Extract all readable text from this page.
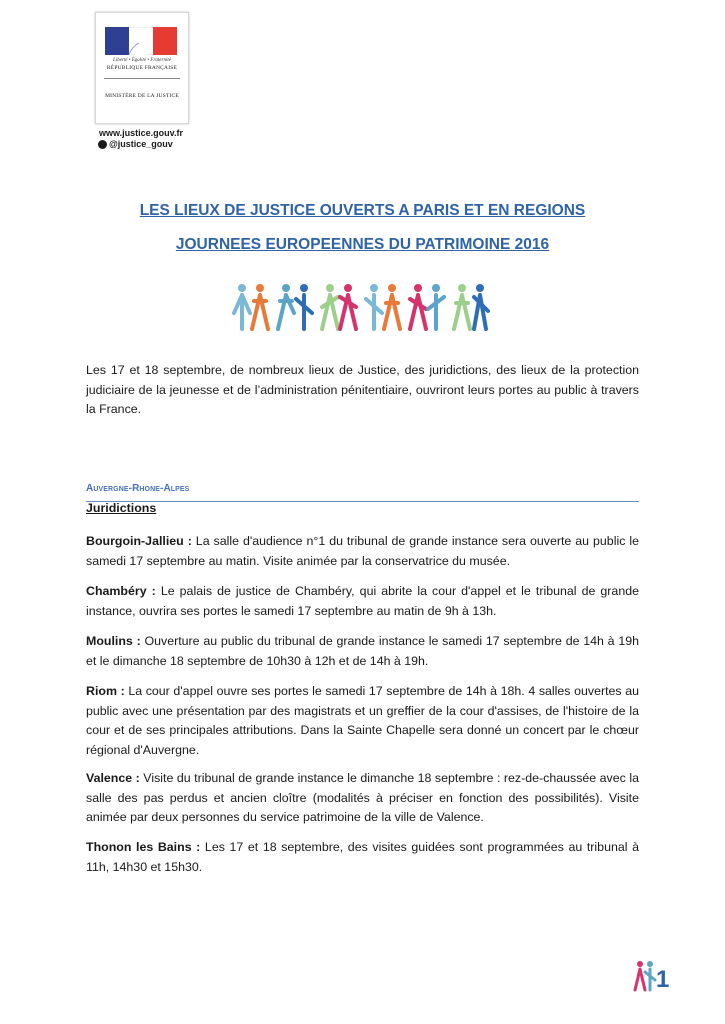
Liberté • Égalité • Fraternité
RÉPUBLIQUE FRANÇAISE
MINISTÈRE DE LA JUSTICE
www.justice.gouv.fr
@justice_gouv
LES LIEUX DE JUSTICE OUVERTS A PARIS ET EN REGIONS
JOURNEES EUROPEENNES DU PATRIMOINE 2016

Les 17 et 18 septembre, de nombreux lieux de Justice, des juridictions, des lieux de la protection judiciaire de la jeunesse et de l’administration pénitentiaire, ouvriront leurs portes au public à travers la France.

Auvergne-Rhone-Alpes

Juridictions

Bourgoin-Jallieu : La salle d'audience n°1 du tribunal de grande instance sera ouverte au public le samedi 17 septembre au matin. Visite animée par la conservatrice du musée.

Chambéry : Le palais de justice de Chambéry, qui abrite la cour d'appel et le tribunal de grande instance, ouvrira ses portes le samedi 17 septembre au matin de 9h à 13h.

Moulins : Ouverture au public du tribunal de grande instance le samedi 17 septembre de 14h à 19h et le dimanche 18 septembre de 10h30 à 12h et de 14h à 19h.

Riom : La cour d'appel ouvre ses portes le samedi 17 septembre de 14h à 18h. 4 salles ouvertes au public avec une présentation par des magistrats et un greffier de la cour d'assises, de l'histoire de la cour et de ses principales attributions. Dans la Sainte Chapelle sera donné un concert par le chœur régional d'Auvergne.

Valence : Visite du tribunal de grande instance le dimanche 18 septembre : rez-de-chaussée avec la salle des pas perdus et ancien cloître (modalités à préciser en fonction des possibilités). Visite animée par deux personnes du service patrimoine de la ville de Valence.

Thonon les Bains : Les 17 et 18 septembre, des visites guidées sont programmées au tribunal à 11h, 14h30 et 15h30.

1
